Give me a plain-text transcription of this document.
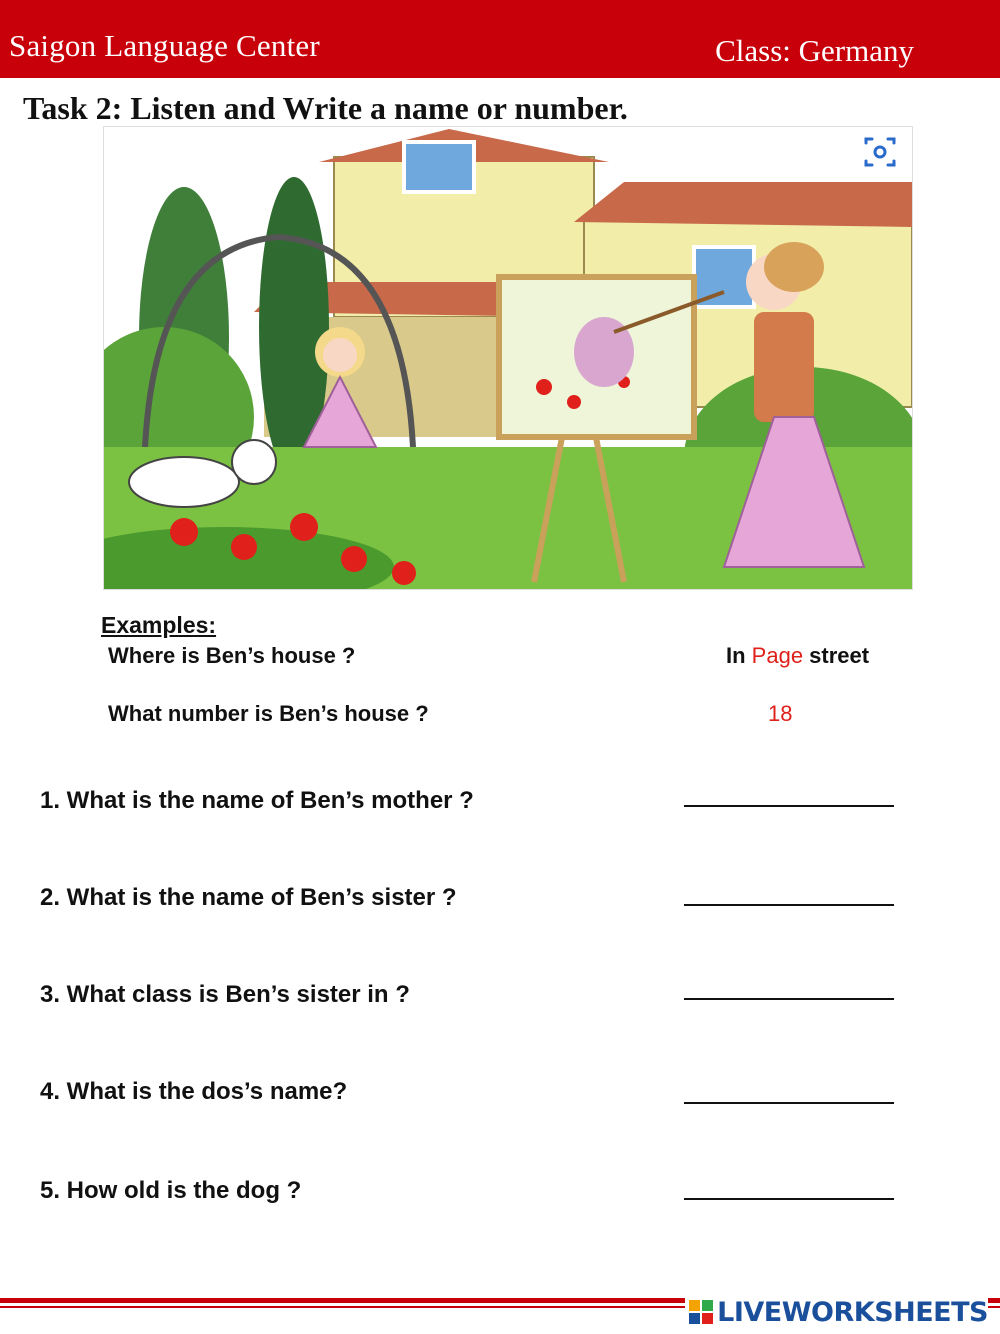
Saigon Language Center	Class: Germany
Task 2: Listen and Write a name or number.
Examples:
Where is Ben’s house ?	In Page street
What number is Ben’s house ?	18
1. What is the name of Ben’s mother ?
2. What is the name of Ben’s sister ?
3. What class is Ben’s sister in ?
4. What is the dos’s name?
5. How old is the dog ?
LIVEWORKSHEETS
